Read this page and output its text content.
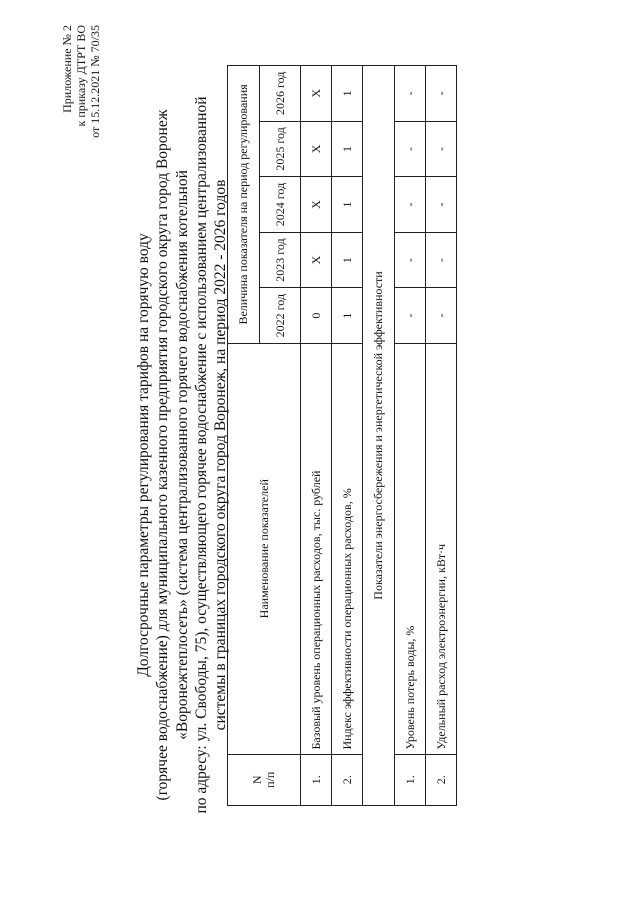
Приложение № 2 к приказу ДТРТ ВО от 15.12.2021 № 70/35
Долгосрочные параметры регулирования тарифов на горячую воду (горячее водоснабжение) для муниципального казенного предприятия городского округа город Воронеж «Воронежтеплосеть» (система централизованного горячего водоснабжения котельной по адресу: ул. Свободы, 75), осуществляющего горячее водоснабжение с использованием централизованной системы в границах городского округа город Воронеж, на период 2022 - 2026 годов
N п/п	Наименование показателей	Величина показателя на период регулирования				
		2022 год	2023 год	2024 год	2025 год	2026 год
1.	Базовый уровень операционных расходов, тыс. рублей	0	X	X	X	X
2.	Индекс эффективности операционных расходов, %	1	1	1	1	1
Показатели энергосбережения и энергетической эффективности						
1.	Уровень потерь воды, %	-	-	-	-	-
2.	Удельный расход электроэнергии, кВт·ч	-	-	-	-	-
